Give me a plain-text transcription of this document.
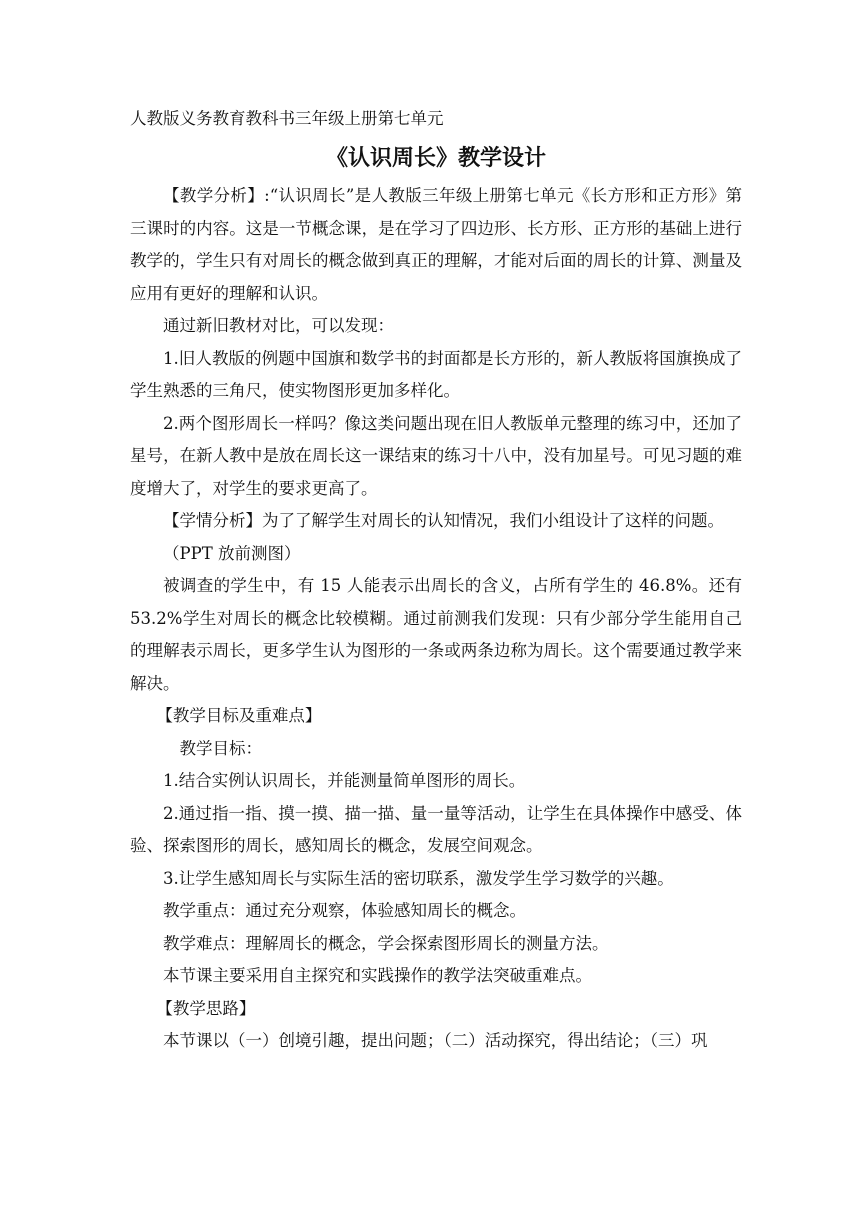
人教版义务教育教科书三年级上册第七单元
《认识周长》教学设计

【教学分析】:“认识周长”是人教版三年级上册第七单元《长方形和正方形》第三课时的内容。这是一节概念课，是在学习了四边形、长方形、正方形的基础上进行教学的，学生只有对周长的概念做到真正的理解，才能对后面的周长的计算、测量及应用有更好的理解和认识。

通过新旧教材对比，可以发现：

1.旧人教版的例题中国旗和数学书的封面都是长方形的，新人教版将国旗换成了学生熟悉的三角尺，使实物图形更加多样化。

2.两个图形周长一样吗？像这类问题出现在旧人教版单元整理的练习中，还加了星号，在新人教中是放在周长这一课结束的练习十八中，没有加星号。可见习题的难度增大了，对学生的要求更高了。

【学情分析】为了了解学生对周长的认知情况，我们小组设计了这样的问题。

（PPT 放前测图）

被调查的学生中，有 15 人能表示出周长的含义，占所有学生的 46.8%。还有 53.2%学生对周长的概念比较模糊。通过前测我们发现：只有少部分学生能用自己的理解表示周长，更多学生认为图形的一条或两条边称为周长。这个需要通过教学来解决。

【教学目标及重难点】

教学目标：

1.结合实例认识周长，并能测量简单图形的周长。

2.通过指一指、摸一摸、描一描、量一量等活动，让学生在具体操作中感受、体验、探索图形的周长，感知周长的概念，发展空间观念。

3.让学生感知周长与实际生活的密切联系，激发学生学习数学的兴趣。

教学重点：通过充分观察，体验感知周长的概念。

教学难点：理解周长的概念，学会探索图形周长的测量方法。

本节课主要采用自主探究和实践操作的教学法突破重难点。

【教学思路】

本节课以（一）创境引趣，提出问题；（二）活动探究，得出结论；（三）巩
